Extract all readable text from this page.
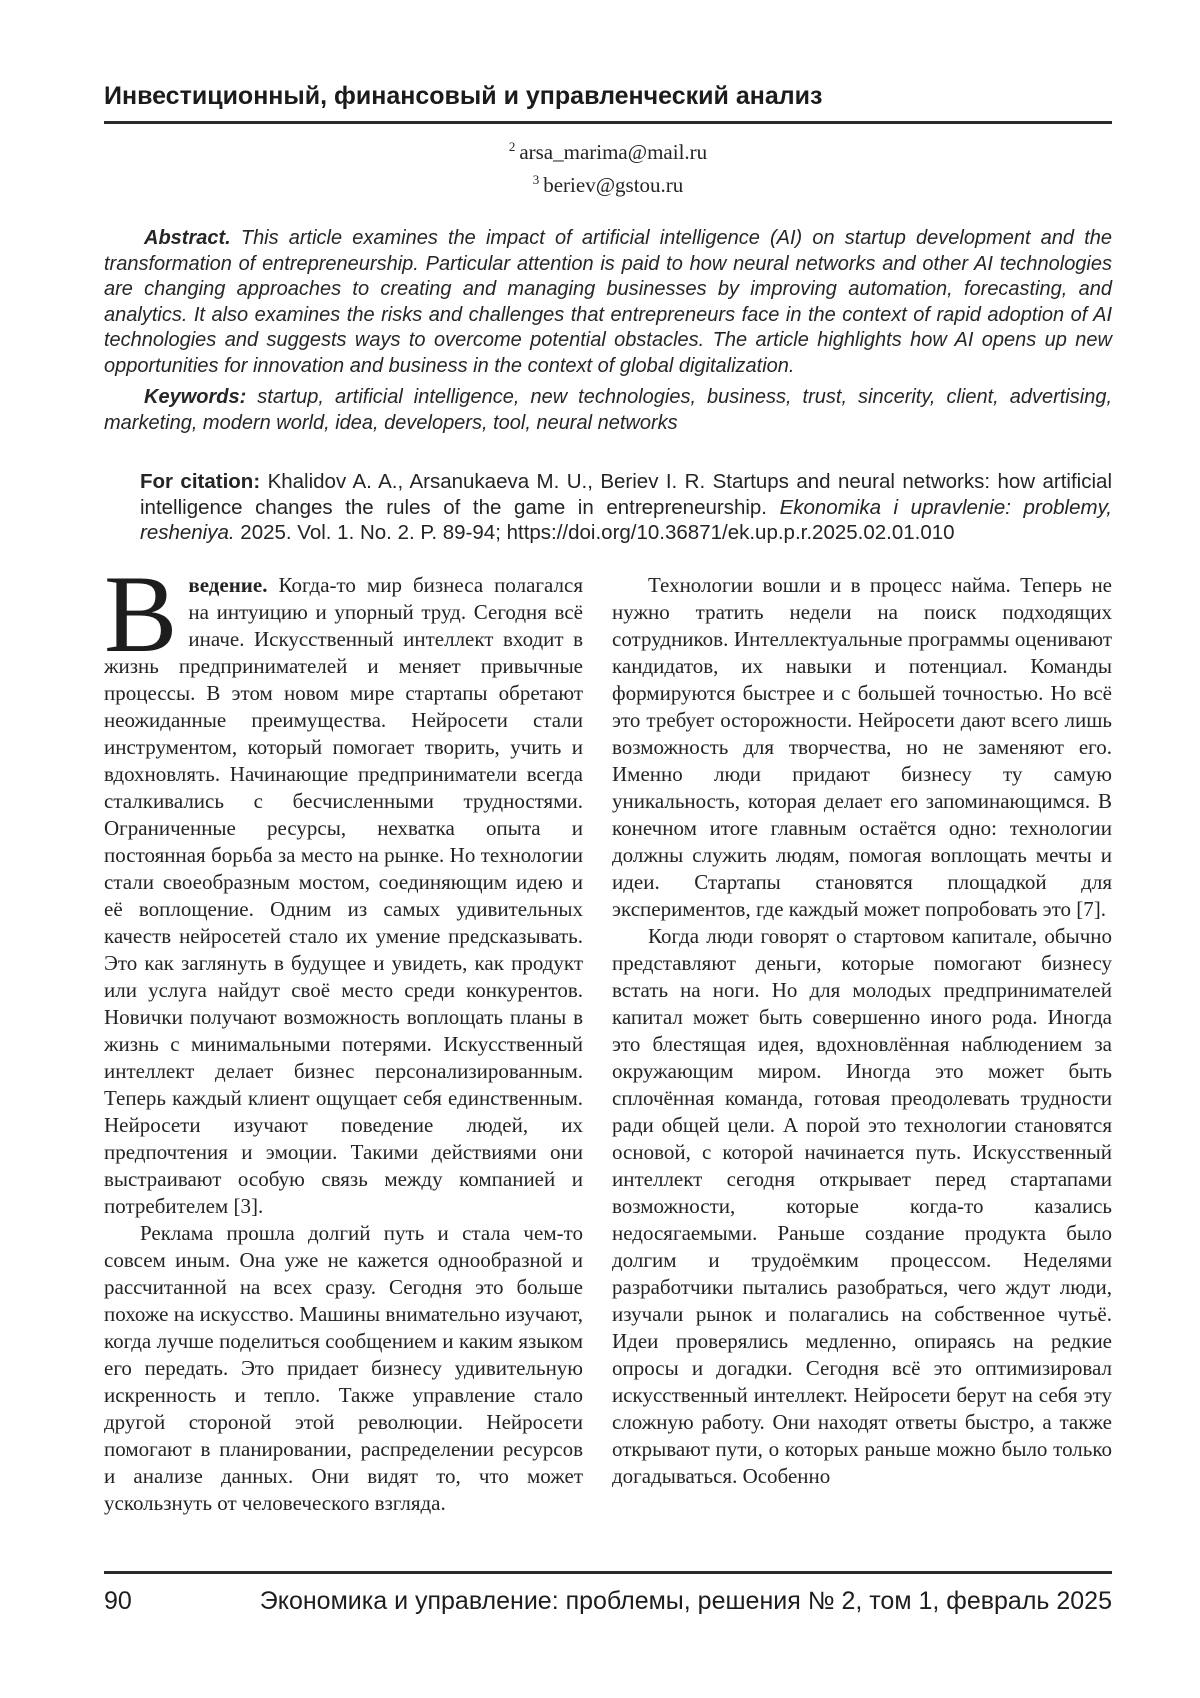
Инвестиционный, финансовый и управленческий анализ
$^2$ arsa_marima@mail.ru
$^3$ beriev@gstou.ru

Abstract. This article examines the impact of artificial intelligence (AI) on startup development and the transformation of entrepreneurship. Particular attention is paid to how neural networks and other AI technologies are changing approaches to creating and managing businesses by improving automation, forecasting, and analytics. It also examines the risks and challenges that entrepreneurs face in the context of rapid adoption of AI technologies and suggests ways to overcome potential obstacles. The article highlights how AI opens up new opportunities for innovation and business in the context of global digitalization.

Keywords: startup, artificial intelligence, new technologies, business, trust, sincerity, client, advertising, marketing, modern world, idea, developers, tool, neural networks

For citation: Khalidov A. A., Arsanukaeva M. U., Beriev I. R. Startups and neural networks: how artificial intelligence changes the rules of the game in entrepreneurship. Ekonomika i upravlenie: problemy, resheniya. 2025. Vol. 1. No. 2. P. 89-94; https://doi.org/10.36871/ek.up.p.r.2025.02.01.010

Введение. Когда-то мир бизнеса полагался на интуицию и упорный труд. Сегодня всё иначе. Искусственный интеллект входит в жизнь предпринимателей и меняет привычные процессы. В этом новом мире стартапы обретают неожиданные преимущества. Нейросети стали инструментом, который помогает творить, учить и вдохновлять. Начинающие предприниматели всегда сталкивались с бесчисленными трудностями. Ограниченные ресурсы, нехватка опыта и постоянная борьба за место на рынке. Но технологии стали своеобразным мостом, соединяющим идею и её воплощение. Одним из самых удивительных качеств нейросетей стало их умение предсказывать. Это как заглянуть в будущее и увидеть, как продукт или услуга найдут своё место среди конкурентов. Новички получают возможность воплощать планы в жизнь с минимальными потерями. Искусственный интеллект делает бизнес персонализированным. Теперь каждый клиент ощущает себя единственным. Нейросети изучают поведение людей, их предпочтения и эмоции. Такими действиями они выстраивают особую связь между компанией и потребителем [3].

Реклама прошла долгий путь и стала чем-то совсем иным. Она уже не кажется однообразной и рассчитанной на всех сразу. Сегодня это больше похоже на искусство. Машины внимательно изучают, когда лучше поделиться сообщением и каким языком его передать. Это придает бизнесу удивительную искренность и тепло. Также управление стало другой стороной этой революции. Нейросети помогают в планировании, распределении ресурсов и анализе данных. Они видят то, что может ускользнуть от человеческого взгляда.

Технологии вошли и в процесс найма. Теперь не нужно тратить недели на поиск подходящих сотрудников. Интеллектуальные программы оценивают кандидатов, их навыки и потенциал. Команды формируются быстрее и с большей точностью. Но всё это требует осторожности. Нейросети дают всего лишь возможность для творчества, но не заменяют его. Именно люди придают бизнесу ту самую уникальность, которая делает его запоминающимся. В конечном итоге главным остаётся одно: технологии должны служить людям, помогая воплощать мечты и идеи. Стартапы становятся площадкой для экспериментов, где каждый может попробовать это [7].

Когда люди говорят о стартовом капитале, обычно представляют деньги, которые помогают бизнесу встать на ноги. Но для молодых предпринимателей капитал может быть совершенно иного рода. Иногда это блестящая идея, вдохновлённая наблюдением за окружающим миром. Иногда это может быть сплочённая команда, готовая преодолевать трудности ради общей цели. А порой это технологии становятся основой, с которой начинается путь. Искусственный интеллект сегодня открывает перед стартапами возможности, которые когда-то казались недосягаемыми. Раньше создание продукта было долгим и трудоёмким процессом. Неделями разработчики пытались разобраться, чего ждут люди, изучали рынок и полагались на собственное чутьё. Идеи проверялись медленно, опираясь на редкие опросы и догадки. Сегодня всё это оптимизировал искусственный интеллект. Нейросети берут на себя эту сложную работу. Они находят ответы быстро, а также открывают пути, о которых раньше можно было только догадываться. Особенно

90	Экономика и управление: проблемы, решения № 2, том 1, февраль 2025
